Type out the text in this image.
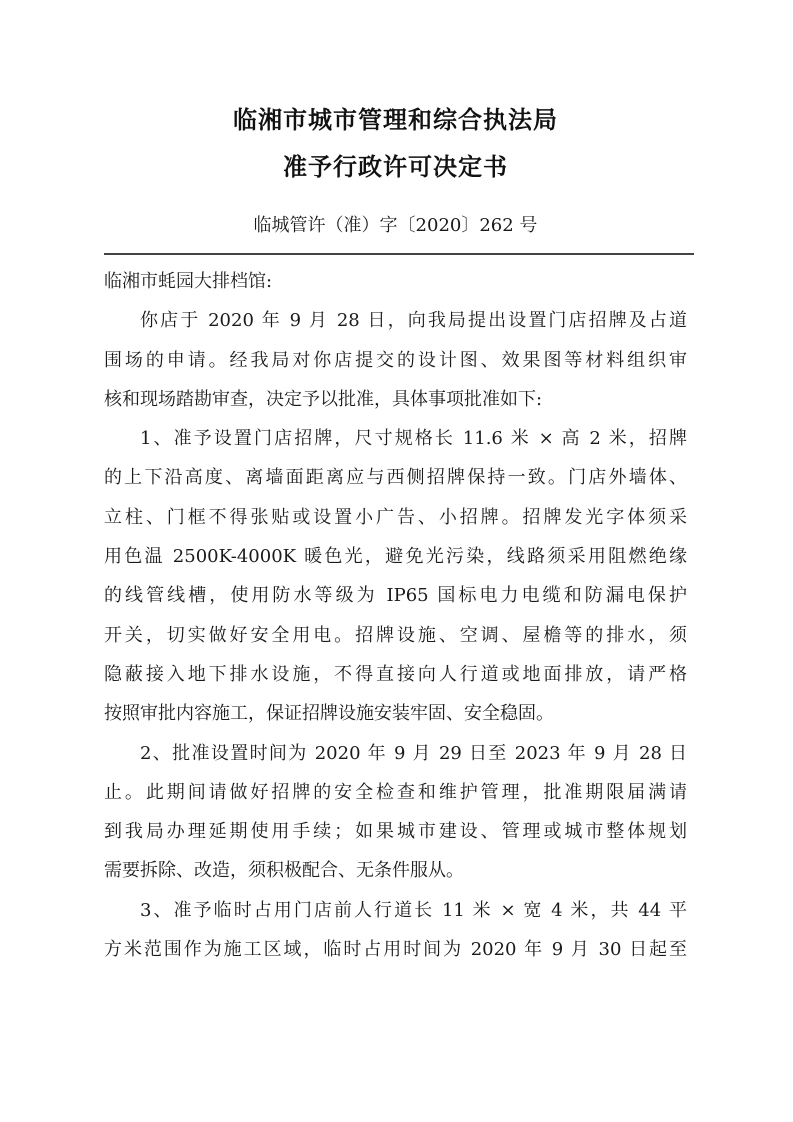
临湘市城市管理和综合执法局
准予行政许可决定书
临城管许（准）字〔2020〕262 号

临湘市蚝园大排档馆:

你店于 2020 年 9 月 28 日，向我局提出设置门店招牌及占道

围场的申请。经我局对你店提交的设计图、效果图等材料组织审

核和现场踏勘审查，决定予以批准，具体事项批准如下:

1、准予设置门店招牌，尺寸规格长 11.6 米 × 高 2 米，招牌

的上下沿高度、离墙面距离应与西侧招牌保持一致。门店外墙体、

立柱、门框不得张贴或设置小广告、小招牌。招牌发光字体须采

用色温 2500K-4000K 暖色光，避免光污染，线路须采用阻燃绝缘

的线管线槽，使用防水等级为 IP65 国标电力电缆和防漏电保护

开关，切实做好安全用电。招牌设施、空调、屋檐等的排水，须

隐蔽接入地下排水设施，不得直接向人行道或地面排放，请严格

按照审批内容施工，保证招牌设施安装牢固、安全稳固。

2、批准设置时间为 2020 年 9 月 29 日至 2023 年 9 月 28 日

止。此期间请做好招牌的安全检查和维护管理，批准期限届满请

到我局办理延期使用手续；如果城市建设、管理或城市整体规划

需要拆除、改造，须积极配合、无条件服从。

3、准予临时占用门店前人行道长 11 米 × 宽 4 米，共 44 平

方米范围作为施工区域，临时占用时间为 2020 年 9 月 30 日起至
